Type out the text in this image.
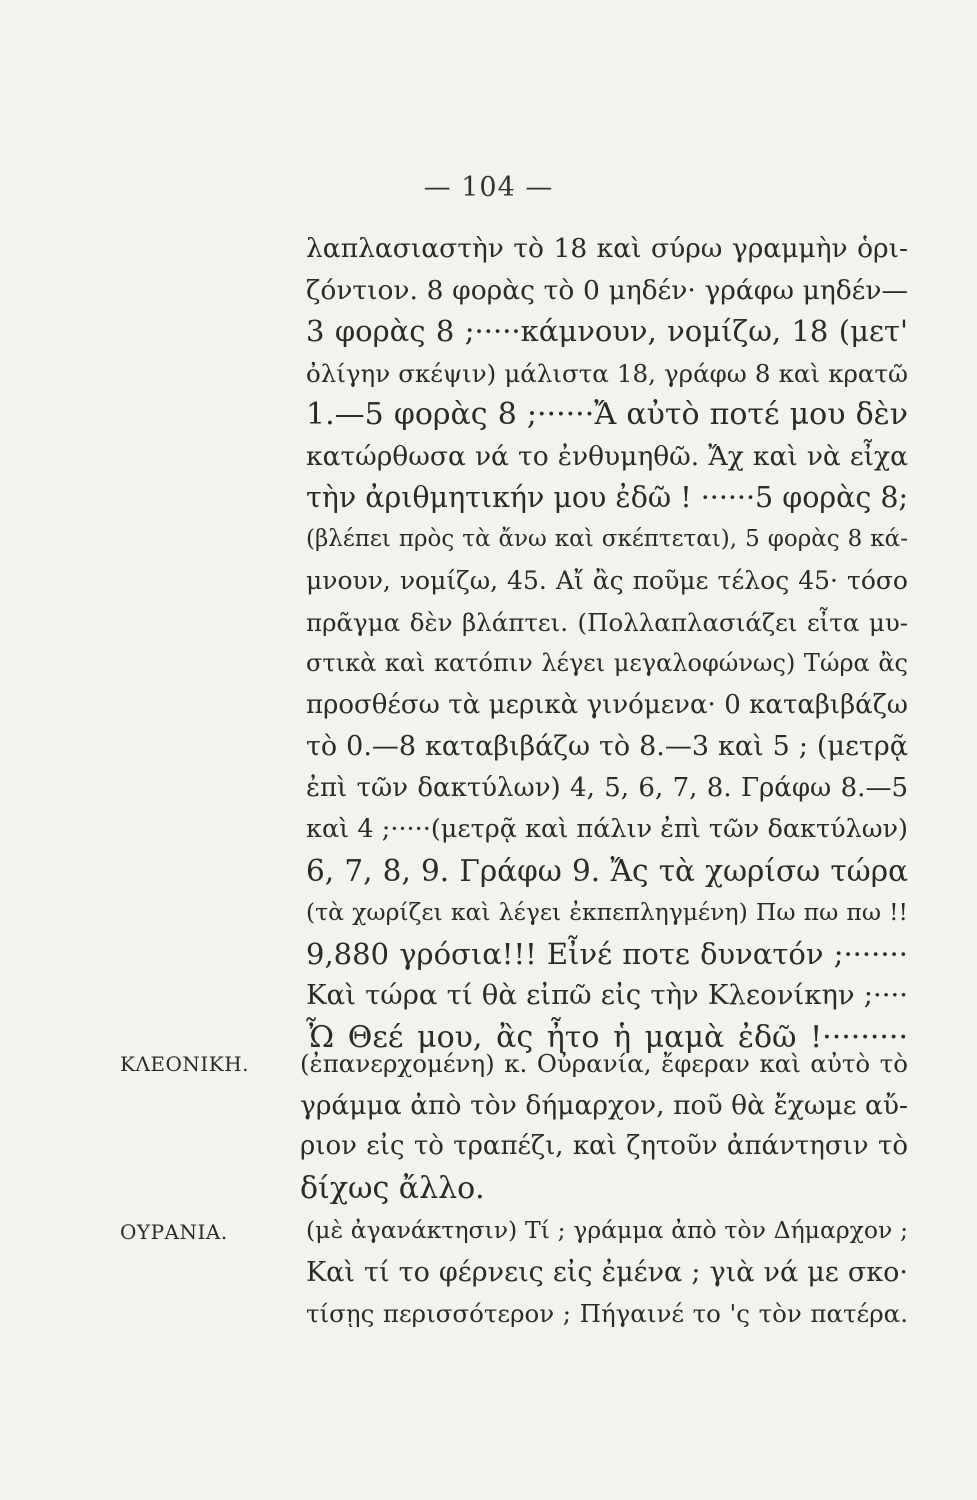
— 104 —
λαπλασιαστὴν τὸ 18 καὶ σύρω γραμμὴν ὁρι-
ζόντιον. 8 φορὰς τὸ 0 μηδέν· γράφω μηδέν—
3 φορὰς 8 ;·····κάμνουν, νομίζω, 18 (μετ'
ὀλίγην σκέψιν) μάλιστα 18, γράφω 8 καὶ κρατῶ
1.—5 φορὰς 8 ;······Ἄ αὐτὸ ποτέ μου δὲν
κατώρθωσα νά το ἐνθυμηθῶ. Ἄχ καὶ νὰ εἶχα
τὴν ἀριθμητικήν μου ἐδῶ ! ······5 φορὰς 8;
(βλέπει πρὸς τὰ ἄνω καὶ σκέπτεται), 5 φορὰς 8 κά-
μνουν, νομίζω, 45. Αἴ ἂς ποῦμε τέλος 45· τόσο
πρᾶγμα δὲν βλάπτει. (Πολλαπλασιάζει εἶτα μυ-
στικὰ καὶ κατόπιν λέγει μεγαλοφώνως) Τώρα ἂς
προσθέσω τὰ μερικὰ γινόμενα· 0 καταβιβάζω
τὸ 0.—8 καταβιβάζω τὸ 8.—3 καὶ 5 ; (μετρᾷ
ἐπὶ τῶν δακτύλων) 4, 5, 6, 7, 8. Γράφω 8.—5
καὶ 4 ;·····(μετρᾷ καὶ πάλιν ἐπὶ τῶν δακτύλων)
6, 7, 8, 9. Γράφω 9. Ἄς τὰ χωρίσω τώρα
(τὰ χωρίζει καὶ λέγει ἐκπεπληγμένη) Πω πω πω !!
9,880 γρόσια!!! Εἶνέ ποτε δυνατόν ;·······
Καὶ τώρα τί θὰ εἰπῶ εἰς τὴν Κλεονίκην ;····
Ὦ Θεέ μου, ἂς ἦτο ἡ μαμὰ ἐδῶ !·········
ΚΛΕΟΝΙΚΗ. (ἐπανερχομένη) κ. Οὐρανία, ἔφεραν καὶ αὐτὸ τὸ
γράμμα ἀπὸ τὸν δήμαρχον, ποῦ θὰ ἔχωμε αὔ-
ριον εἰς τὸ τραπέζι, καὶ ζητοῦν ἀπάντησιν τὸ
δίχως ἄλλο.
ΟΥΡΑΝΙΑ.	(μὲ ἀγανάκτησιν) Τί ; γράμμα ἀπὸ τὸν Δήμαρχον ;
Καὶ τί το φέρνεις εἰς ἐμένα ; γιὰ νά με σκο·
τίσῃς περισσότερον ; Πήγαινέ το 'ς τὸν πατέρα.
